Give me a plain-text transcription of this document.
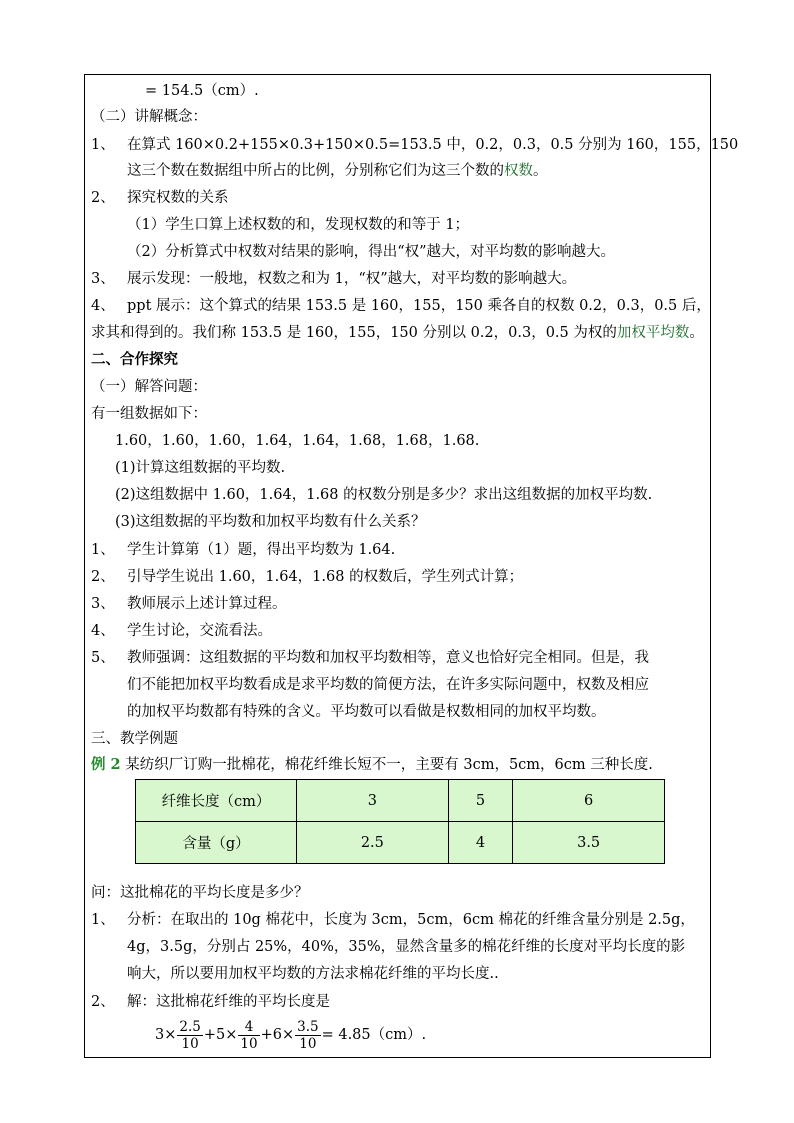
= 154.5（cm）.
（二）讲解概念：
1、 在算式 160×0.2+155×0.3+150×0.5=153.5 中，0.2，0.3，0.5 分别为 160，155，150
这三个数在数据组中所占的比例，分别称它们为这三个数的权数。
2、 探究权数的关系
（1）学生口算上述权数的和，发现权数的和等于 1；
（2）分析算式中权数对结果的影响，得出“权”越大，对平均数的影响越大。
3、 展示发现：一般地，权数之和为 1，“权”越大，对平均数的影响越大。
4、 ppt 展示：这个算式的结果 153.5 是 160，155，150 乘各自的权数 0.2，0.3，0.5 后，
求其和得到的。我们称 153.5 是 160，155，150 分别以 0.2，0.3，0.5 为权的加权平均数。
二、合作探究
（一）解答问题：
有一组数据如下：
1.60，1.60，1.60，1.64，1.64，1.68，1.68，1.68.
(1)计算这组数据的平均数.
(2)这组数据中 1.60，1.64，1.68 的权数分别是多少？求出这组数据的加权平均数.
(3)这组数据的平均数和加权平均数有什么关系？
1、 学生计算第（1）题，得出平均数为 1.64.
2、 引导学生说出 1.60，1.64，1.68 的权数后，学生列式计算；
3、 教师展示上述计算过程。
4、 学生讨论，交流看法。
5、 教师强调：这组数据的平均数和加权平均数相等，意义也恰好完全相同。但是，我
们不能把加权平均数看成是求平均数的简便方法，在许多实际问题中，权数及相应
的加权平均数都有特殊的含义。平均数可以看做是权数相同的加权平均数。
三、教学例题
例 2 某纺织厂订购一批棉花，棉花纤维长短不一，主要有 3cm，5cm，6cm 三种长度.
纤维长度（cm）	3	5	6
含量（g）	2.5	4	3.5
问：这批棉花的平均长度是多少？
1、 分析：在取出的 10g 棉花中，长度为 3cm，5cm，6cm 棉花的纤维含量分别是 2.5g，
4g，3.5g，分别占 25%，40%，35%，显然含量多的棉花纤维的长度对平均长度的影
响大，所以要用加权平均数的方法求棉花纤维的平均长度..
2、 解：这批棉花纤维的平均长度是
$3\times \frac{2.5}{10} +5\times \frac{4}{10} +6\times \frac{3.5}{10} = 4.85(cm)$.
